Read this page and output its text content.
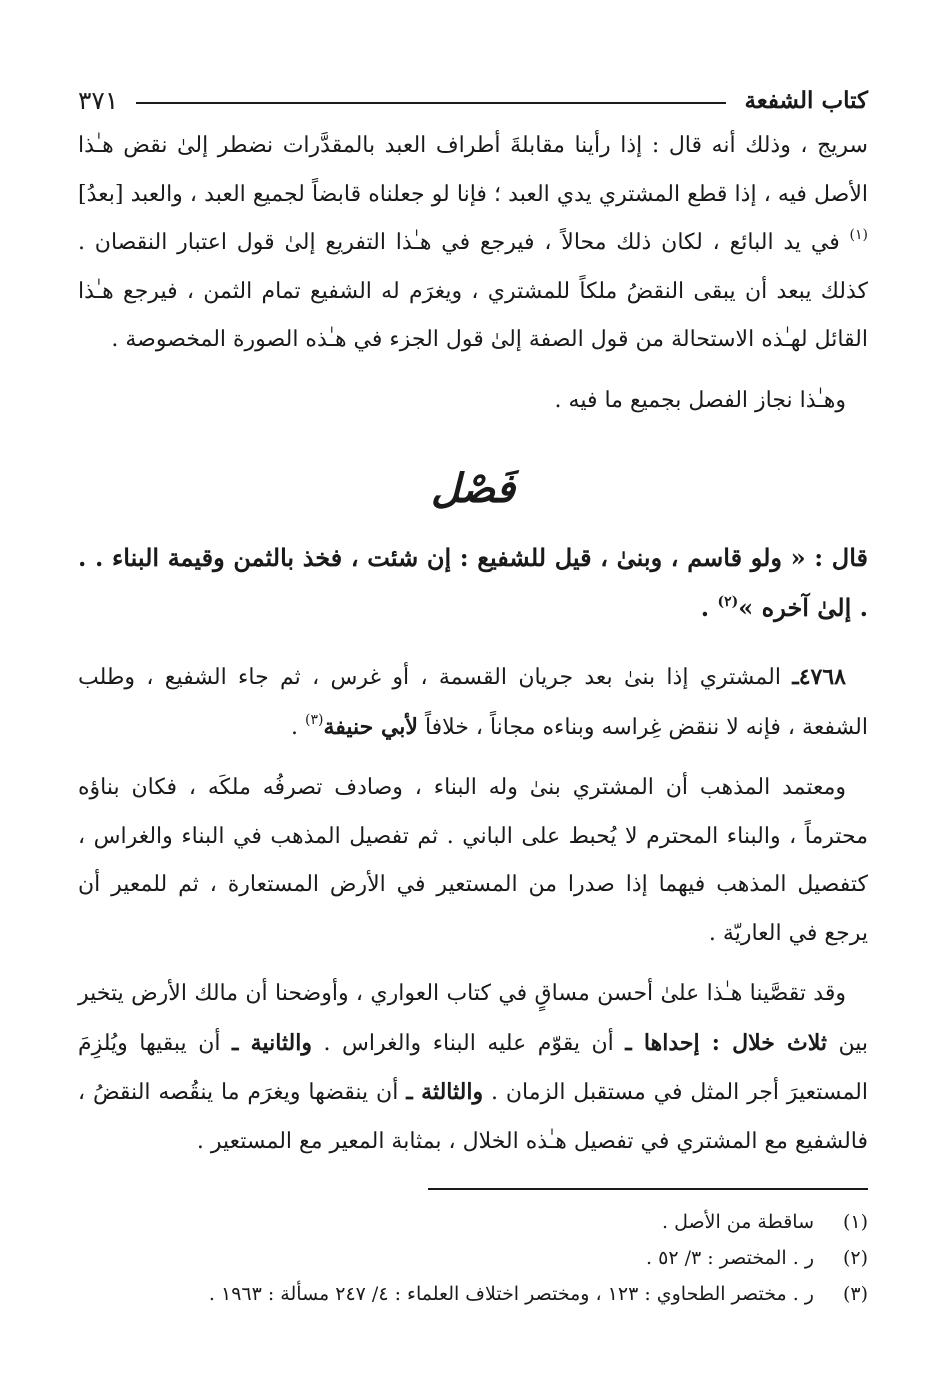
كتاب الشفعة
٣٧١

سريج ، وذلك أنه قال : إذا رأينا مقابلةَ أطراف العبد بالمقدَّرات نضطر إلىٰ نقض هـٰذا الأصل فيه ، إذا قطع المشتري يدي العبد ؛ فإنا لو جعلناه قابضاً لجميع العبد ، والعبد [بعدُ]$^{(١)}$ في يد البائع ، لكان ذلك محالاً ، فيرجع في هـٰذا التفريع إلىٰ قول اعتبار النقصان . كذلك يبعد أن يبقى النقضُ ملكاً للمشتري ، ويغرَم له الشفيع تمام الثمن ، فيرجع هـٰذا القائل لهـٰذه الاستحالة من قول الصفة إلىٰ قول الجزء في هـٰذه الصورة المخصوصة .

وهـٰذا نجاز الفصل بجميع ما فيه .

فَصْل

قال : « ولو قاسم ، وبنىٰ ، قيل للشفيع : إن شئت ، فخذ بالثمن وقيمة البناء . . . إلىٰ آخره »$^{(٢)}$ .

٤٧٦٨ـ المشتري إذا بنىٰ بعد جريان القسمة ، أو غرس ، ثم جاء الشفيع ، وطلب الشفعة ، فإنه لا ننقض غِراسه وبناءه مجاناً ، خلافاً لأبي حنيفة$^{(٣)}$ .

ومعتمد المذهب أن المشتري بنىٰ وله البناء ، وصادف تصرفُه ملكَه ، فكان بناؤه محترماً ، والبناء المحترم لا يُحبط على الباني . ثم تفصيل المذهب في البناء والغراس ، كتفصيل المذهب فيهما إذا صدرا من المستعير في الأرض المستعارة ، ثم للمعير أن يرجع في العاريّة .

وقد تقصَّينا هـٰذا علىٰ أحسن مساقٍ في كتاب العواري ، وأوضحنا أن مالك الأرض يتخير بين ثلاث خلال : إحداها ـ أن يقوّم عليه البناء والغراس . والثانية ـ أن يبقيها ويُلزِمَ المستعيرَ أجر المثل في مستقبل الزمان . والثالثة ـ أن ينقضها ويغرَم ما ينقُصه النقضُ ، فالشفيع مع المشتري في تفصيل هـٰذه الخلال ، بمثابة المعير مع المستعير .

(١)
ساقطة من الأصل .
(٢)
ر . المختصر : ٣/ ٥٢ .
(٣)
ر . مختصر الطحاوي : ١٢٣ ، ومختصر اختلاف العلماء : ٤/ ٢٤٧ مسألة : ١٩٦٣ .
